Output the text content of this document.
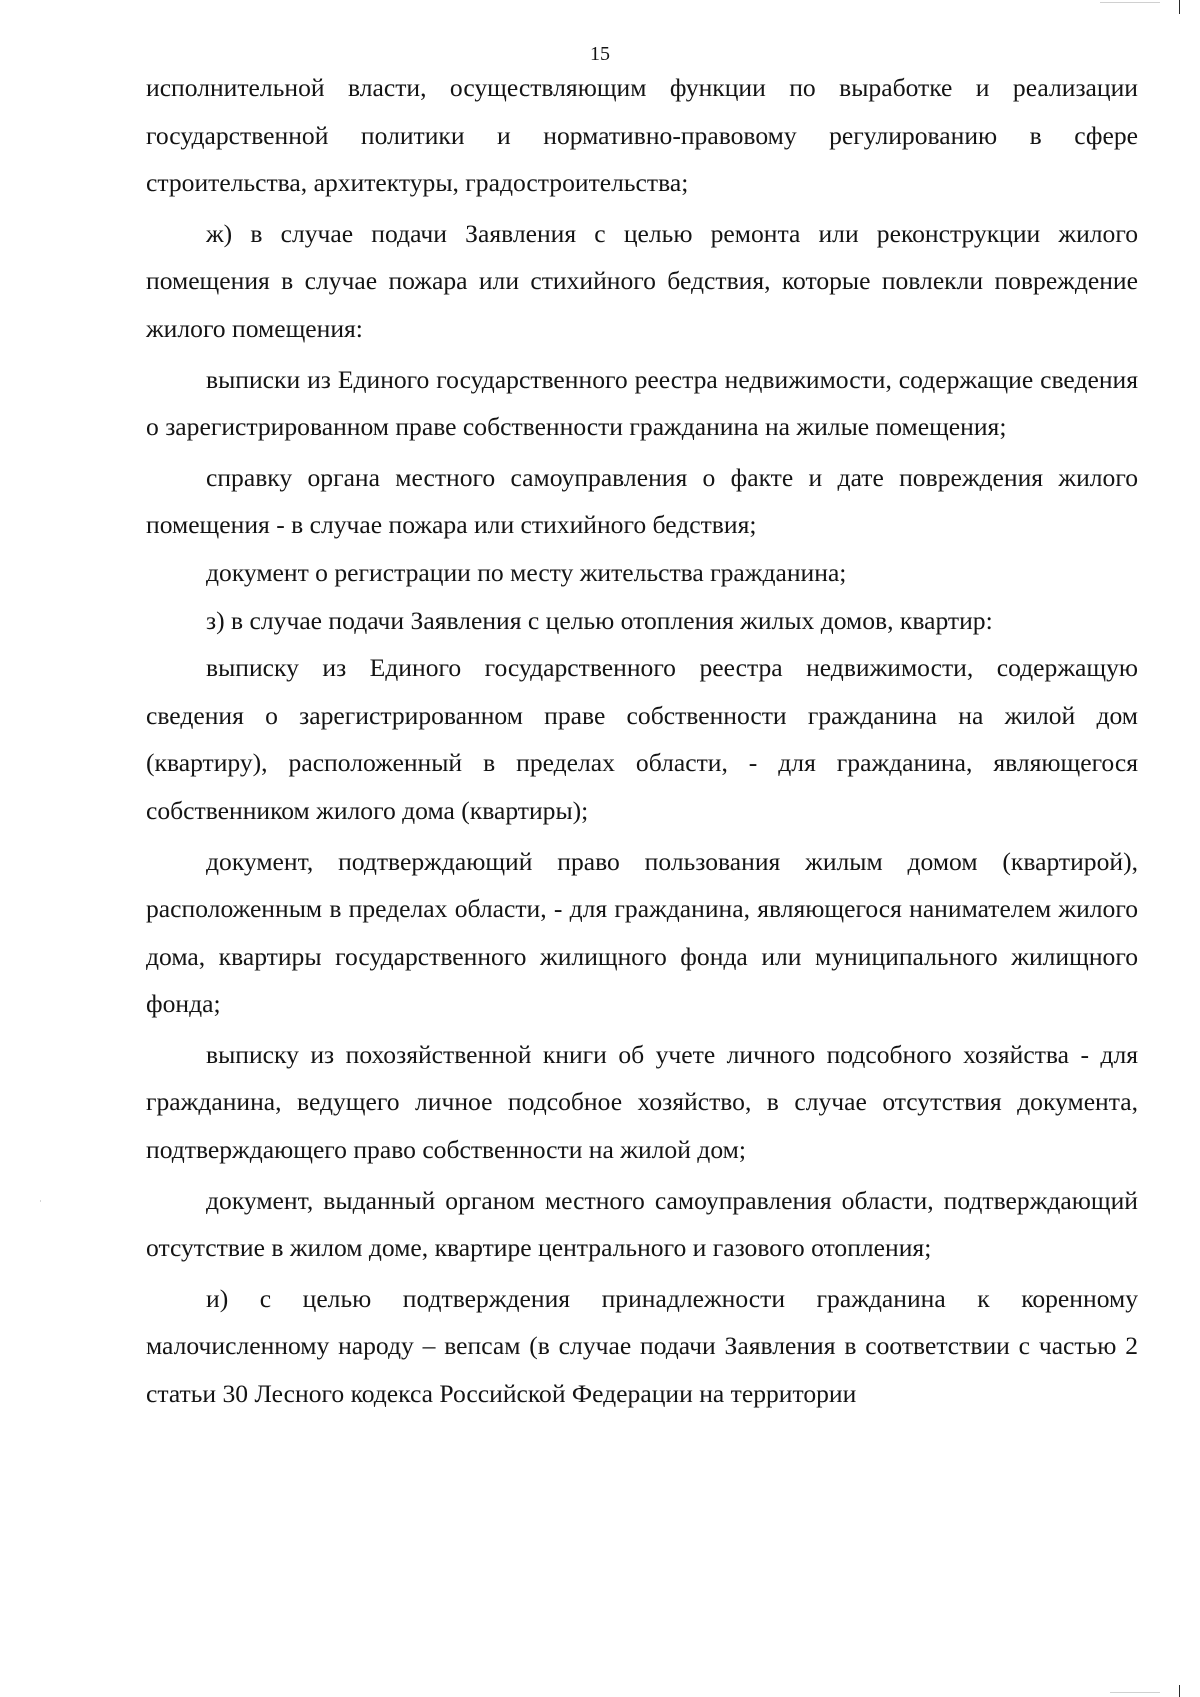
15

исполнительной власти, осуществляющим функции по выработке и реализации государственной политики и нормативно-правовому регулированию в сфере строительства, архитектуры, градостроительства;

ж) в случае подачи Заявления с целью ремонта или реконструкции жилого помещения в случае пожара или стихийного бедствия, которые повлекли повреждение жилого помещения:

выписки из Единого государственного реестра недвижимости, содержащие сведения о зарегистрированном праве собственности гражданина на жилые помещения;

справку органа местного самоуправления о факте и дате повреждения жилого помещения - в случае пожара или стихийного бедствия;

документ о регистрации по месту жительства гражданина;

з) в случае подачи Заявления с целью отопления жилых домов, квартир:

выписку из Единого государственного реестра недвижимости, содержащую сведения о зарегистрированном праве собственности гражданина на жилой дом (квартиру), расположенный в пределах области, - для гражданина, являющегося собственником жилого дома (квартиры);

документ, подтверждающий право пользования жилым домом (квартирой), расположенным в пределах области, - для гражданина, являющегося нанимателем жилого дома, квартиры государственного жилищного фонда или муниципального жилищного фонда;

выписку из похозяйственной книги об учете личного подсобного хозяйства - для гражданина, ведущего личное подсобное хозяйство, в случае отсутствия документа, подтверждающего право собственности на жилой дом;

документ, выданный органом местного самоуправления области, подтверждающий отсутствие в жилом доме, квартире центрального и газового отопления;

и) с целью подтверждения принадлежности гражданина к коренному малочисленному народу – вепсам (в случае подачи Заявления в соответствии с частью 2 статьи 30 Лесного кодекса Российской Федерации на территории
